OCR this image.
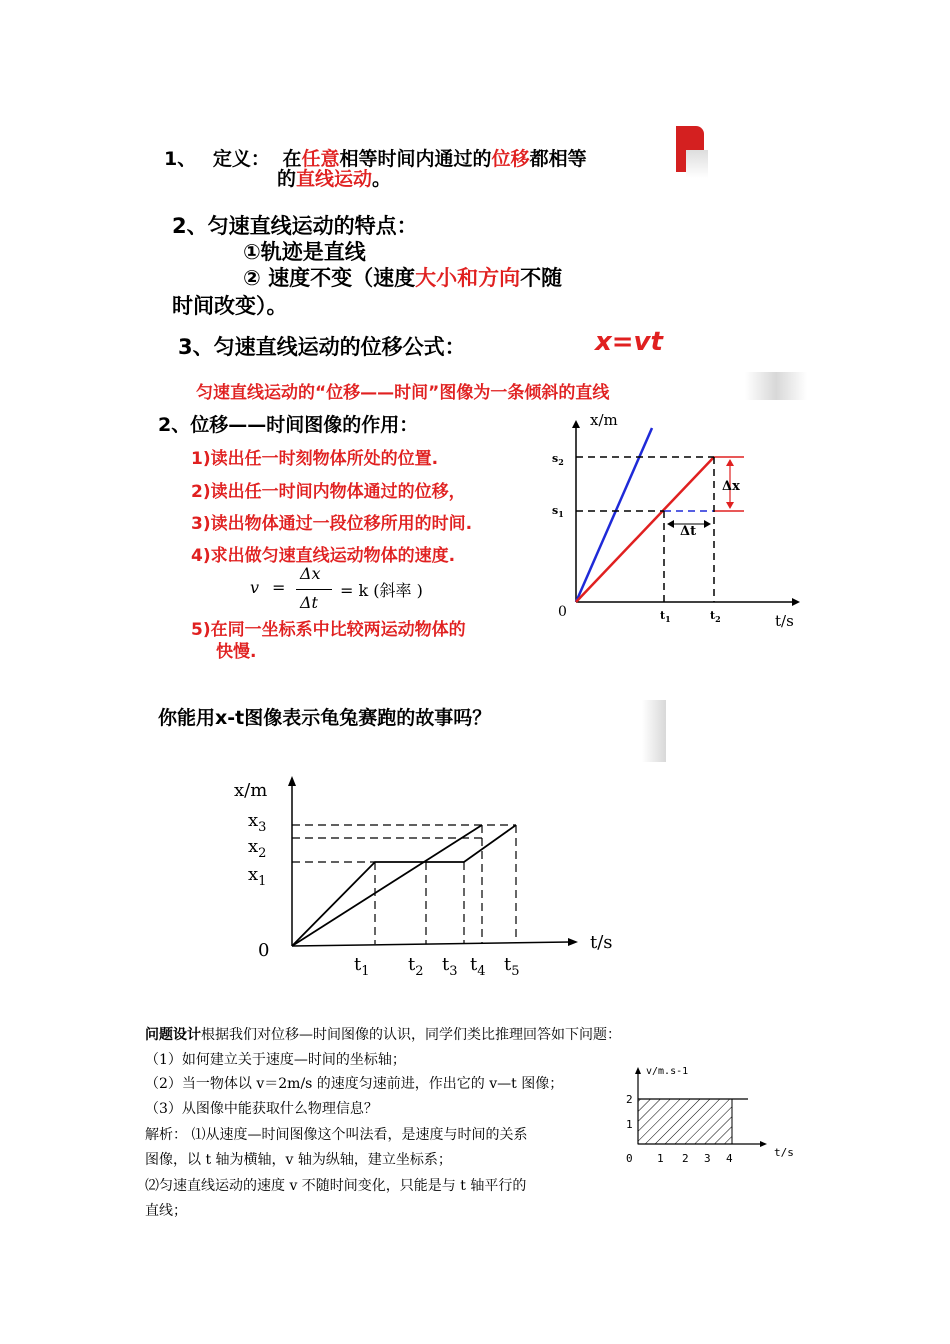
1、 定义： 在任意相等时间内通过的位移都相等
的直线运动。
2、匀速直线运动的特点：
①轨迹是直线
② 速度不变（速度大小和方向不随
时间改变）。
3、匀速直线运动的位移公式：	x=vt
匀速直线运动的“位移——时间”图像为一条倾斜的直线
2、位移——时间图像的作用：
1)读出任一时刻物体所处的位置.
2)读出任一时间内物体通过的位移，
3)读出物体通过一段位移所用的时间.
4)求出做匀速直线运动物体的速度.
v =
Δx
Δt
= k (斜率 )
5)在同一坐标系中比较两运动物体的
快慢.
x/m
t/s
0
Δx
Δt
$s_2$
$s_1$
$t_1$	$t_2$
你能用x-t图像表示龟兔赛跑的故事吗？
x/m
t/s
0
$x_3$
$x_2$
$x_1$
$t_1$ $t_2$ $t_3$ $t_4$ $t_5$
问题设计根据我们对位移—时间图像的认识，同学们类比推理回答如下问题：
（1）如何建立关于速度—时间的坐标轴；
（2）当一物体以 v＝2m/s 的速度匀速前进，作出它的 v—t 图像；
（3）从图像中能获取什么物理信息？
解析： ⑴从速度—时间图像这个叫法看，是速度与时间的关系
图像，以 t 轴为横轴，v 轴为纵轴，建立坐标系；
⑵匀速直线运动的速度 v 不随时间变化，只能是与 t 轴平行的
直线；
v/m.s-1
t/s
2
1
0 1 2 3 4
